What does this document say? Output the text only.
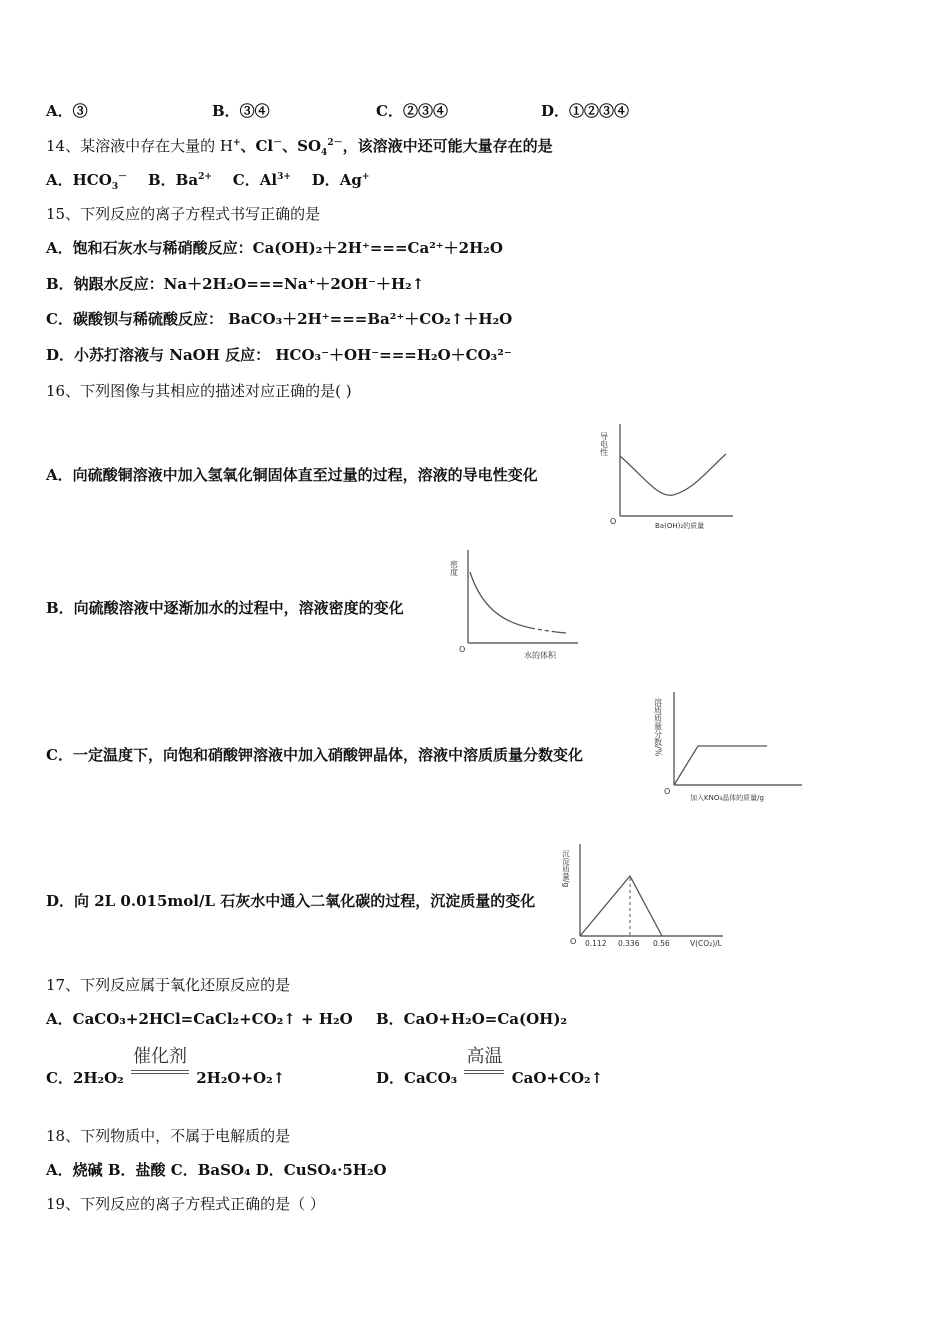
A．③	B．③④	C．②③④	D．①②③④
14、某溶液中存在大量的 H+、Cl－、$SO_4^{2-}$，该溶液中还可能大量存在的是
A．$HCO_3^-$ B．$Ba^{2+}$ C．$Al^{3+}$ D．Ag+
15、下列反应的离子方程式书写正确的是
A．饱和石灰水与稀硝酸反应：Ca(OH)₂＋2H⁺===Ca²⁺＋2H₂O
B．钠跟水反应：Na＋2H₂O===Na⁺＋2OH⁻＋H₂↑
C．碳酸钡与稀硫酸反应： BaCO₃＋2H⁺===Ba²⁺＋CO₂↑＋H₂O
D．小苏打溶液与 NaOH 反应： HCO₃⁻＋OH⁻===H₂O＋CO₃²⁻
16、下列图像与其相应的描述对应正确的是( )
A．向硫酸铜溶液中加入氢氧化铜固体直至过量的过程，溶液的导电性变化
B．向硫酸溶液中逐渐加水的过程中，溶液密度的变化
C．一定温度下，向饱和硝酸钾溶液中加入硝酸钾晶体，溶液中溶质质量分数变化
D．向 2L 0.015mol/L 石灰水中通入二氧化碳的过程，沉淀质量的变化
导电性
O	Ba(OH)₂的质量
密度
O
水的体积
溶质质量分数/%
O
加入KNO₃晶体的质量/g
沉淀质量/g
O 0.112 0.336 0.56	V(CO₂)/L
17、下列反应属于氧化还原反应的是
A．CaCO₃+2HCl=CaCl₂+CO₂↑ + H₂O B．CaO+H₂O=Ca(OH)₂
C．2H₂O₂
催化剂
2H₂O+O₂↑	D．CaCO₃
高温
CaO+CO₂↑
18、下列物质中，不属于电解质的是
A．烧碱 B．盐酸 C．BaSO₄ D．CuSO₄·5H₂O
19、下列反应的离子方程式正确的是（ ）
